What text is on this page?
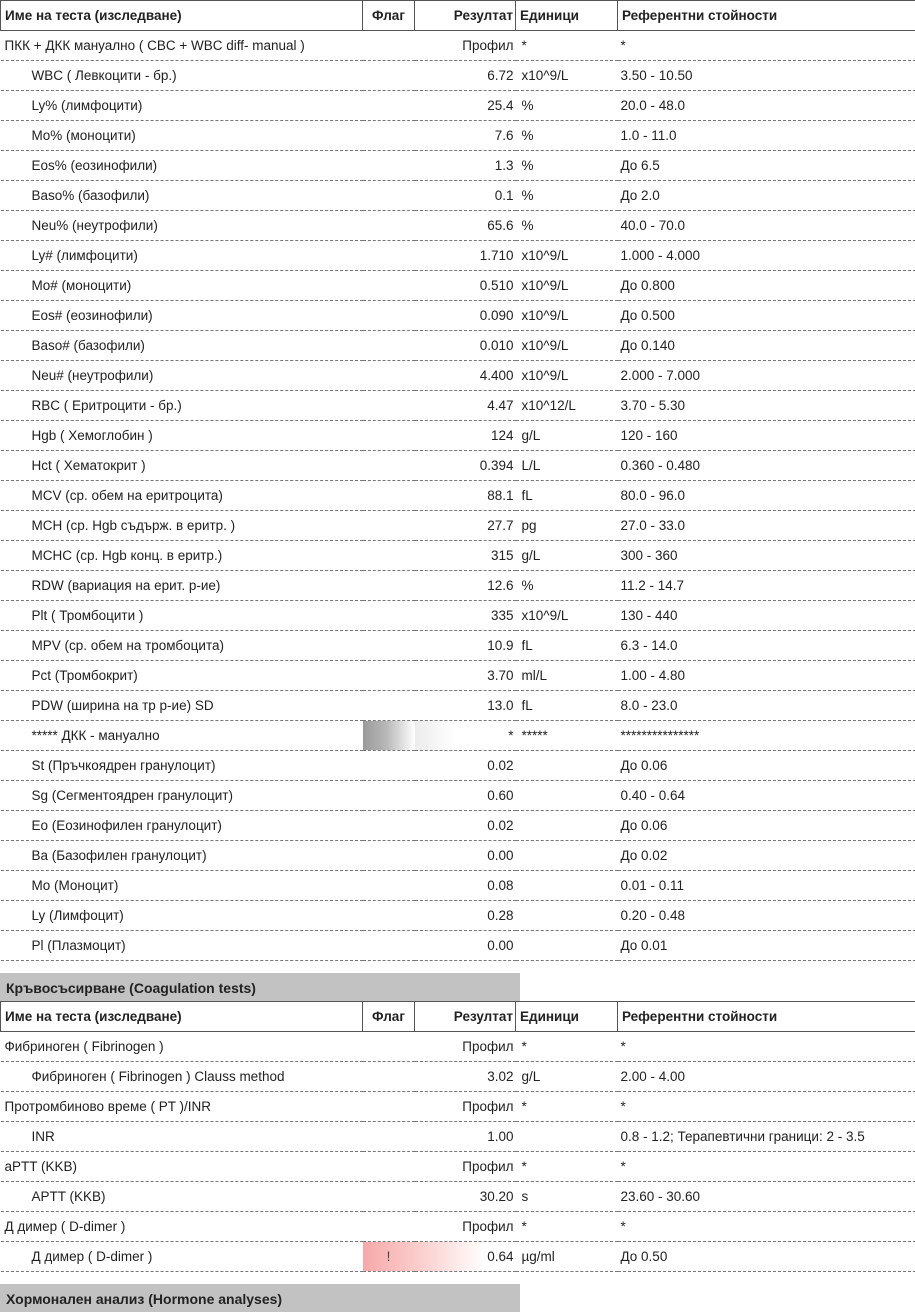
Име на теста (изследване)	Флаг	Резултат	Единици	Референтни стойности
ПКК + ДКК мануално ( CBC + WBC diff- manual )		Профил	*	*
WBC ( Левкоцити - бр.)		6.72	x10^9/L	3.50 - 10.50
Ly% (лимфоцити)		25.4	%	20.0 - 48.0
Mo% (моноцити)		7.6	%	1.0 - 11.0
Eos% (еозинофили)		1.3	%	До 6.5
Baso% (базофили)		0.1	%	До 2.0
Neu% (неутрофили)		65.6	%	40.0 - 70.0
Ly# (лимфоцити)		1.710	x10^9/L	1.000 - 4.000
Mo# (моноцити)		0.510	x10^9/L	До 0.800
Eos# (еозинофили)		0.090	x10^9/L	До 0.500
Baso# (базофили)		0.010	x10^9/L	До 0.140
Neu# (неутрофили)		4.400	x10^9/L	2.000 - 7.000
RBC ( Еритроцити - бр.)		4.47	x10^12/L	3.70 - 5.30
Hgb ( Хемоглобин )		124	g/L	120 - 160
Hct ( Хематокрит )		0.394	L/L	0.360 - 0.480
MCV (ср. обем на еритроцита)		88.1	fL	80.0 - 96.0
MCH (ср. Hgb съдърж. в еритр. )		27.7	pg	27.0 - 33.0
MCHC (ср. Hgb конц. в еритр.)		315	g/L	300 - 360
RDW (вариация на ерит. р-ие)		12.6	%	11.2 - 14.7
Plt ( Тромбоцити )		335	x10^9/L	130 - 440
MPV (ср. обем на тромбоцита)		10.9	fL	6.3 - 14.0
Pct (Тромбокрит)		3.70	ml/L	1.00 - 4.80
PDW (ширина на тр р-ие) SD		13.0	fL	8.0 - 23.0
***** ДКК - мануално		*	*****	***************
St (Пръчкоядрен гранулоцит)		0.02		До 0.06
Sg (Сегментоядрен гранулоцит)		0.60		0.40 - 0.64
Eo (Еозинофилен гранулоцит)		0.02		До 0.06
Ba (Базофилен гранулоцит)		0.00		До 0.02
Mo (Моноцит)		0.08		0.01 - 0.11
Ly (Лимфоцит)		0.28		0.20 - 0.48
Pl (Плазмоцит)		0.00		До 0.01
Кръвосъсирване (Coagulation tests)
Име на теста (изследване)	Флаг	Резултат	Единици	Референтни стойности
Фибриноген ( Fibrinogen )		Профил	*	*
Фибриноген ( Fibrinogen ) Clauss method		3.02	g/L	2.00 - 4.00
Протромбиново време ( PT )/INR		Профил	*	*
INR		1.00		0.8 - 1.2; Терапевтични граници: 2 - 3.5
aPTT (KKB)		Профил	*	*
APTT (KKB)		30.20	s	23.60 - 30.60
Д димер ( D-dimer )		Профил	*	*
Д димер ( D-dimer )	!	0.64	µg/ml	До 0.50
Хормонален анализ (Hormone analyses)
